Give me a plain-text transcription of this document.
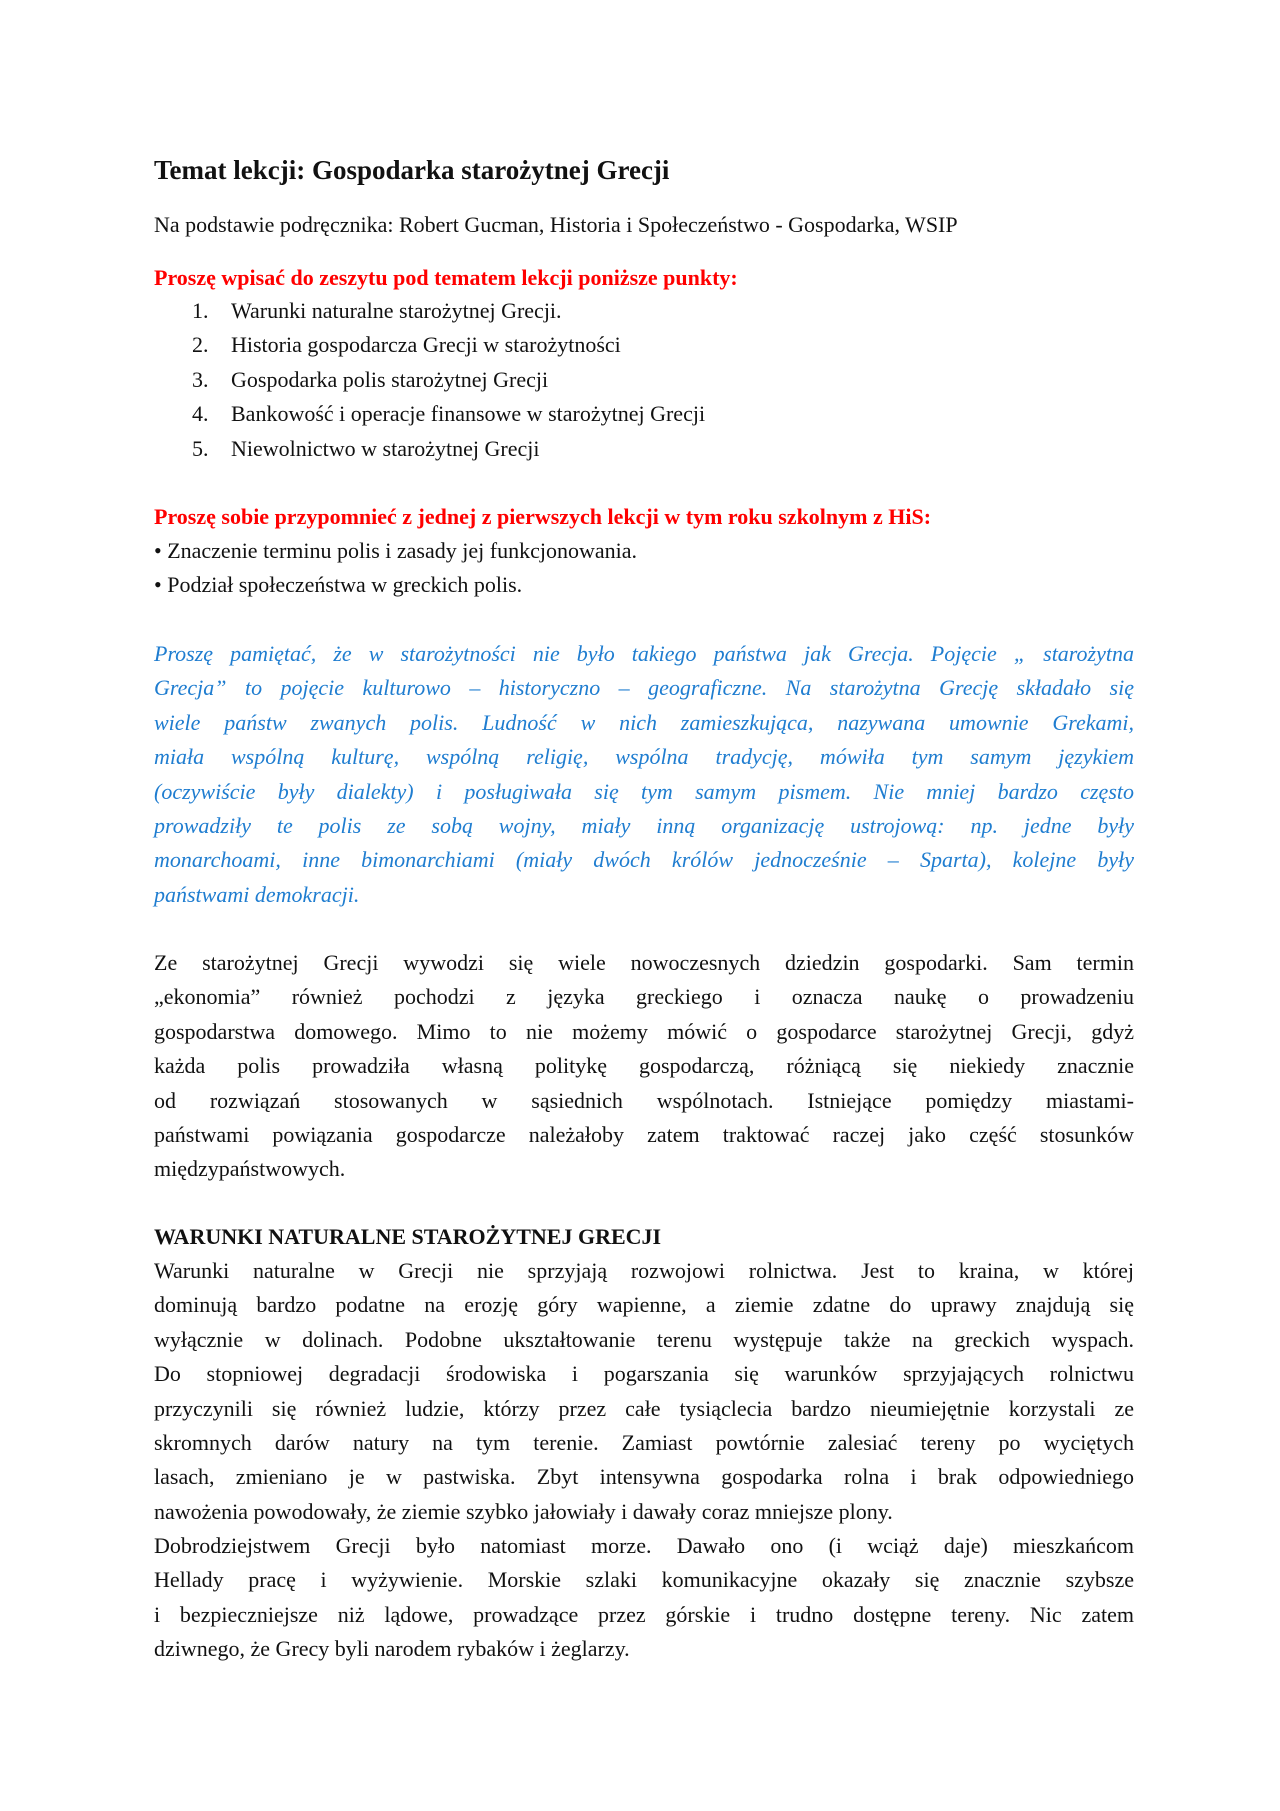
Temat lekcji: Gospodarka starożytnej Grecji
Na podstawie podręcznika: Robert Gucman, Historia i Społeczeństwo - Gospodarka, WSIP
Proszę wpisać do zeszytu pod tematem lekcji poniższe punkty:
1. Warunki naturalne starożytnej Grecji.
2. Historia gospodarcza Grecji w starożytności
3. Gospodarka polis starożytnej Grecji
4. Bankowość i operacje finansowe w starożytnej Grecji
5. Niewolnictwo w starożytnej Grecji
Proszę sobie przypomnieć z jednej z pierwszych lekcji w tym roku szkolnym z HiS:
• Znaczenie terminu polis i zasady jej funkcjonowania.
• Podział społeczeństwa w greckich polis.
Proszę pamiętać, że w starożytności nie było takiego państwa jak Grecja. Pojęcie „ starożytna
Grecja” to pojęcie kulturowo – historyczno – geograficzne. Na starożytna Grecję składało się
wiele państw zwanych polis. Ludność w nich zamieszkująca, nazywana umownie Grekami,
miała wspólną kulturę, wspólną religię, wspólna tradycję, mówiła tym samym językiem
(oczywiście były dialekty) i posługiwała się tym samym pismem. Nie mniej bardzo często
prowadziły te polis ze sobą wojny, miały inną organizację ustrojową: np. jedne były
monarchoami, inne bimonarchiami (miały dwóch królów jednocześnie – Sparta), kolejne były
państwami demokracji.
Ze starożytnej Grecji wywodzi się wiele nowoczesnych dziedzin gospodarki. Sam termin
„ekonomia” również pochodzi z języka greckiego i oznacza naukę o prowadzeniu
gospodarstwa domowego. Mimo to nie możemy mówić o gospodarce starożytnej Grecji, gdyż
każda polis prowadziła własną politykę gospodarczą, różniącą się niekiedy znacznie
od rozwiązań stosowanych w sąsiednich wspólnotach. Istniejące pomiędzy miastami-
państwami powiązania gospodarcze należałoby zatem traktować raczej jako część stosunków
międzypaństwowych.
WARUNKI NATURALNE STAROŻYTNEJ GRECJI
Warunki naturalne w Grecji nie sprzyjają rozwojowi rolnictwa. Jest to kraina, w której
dominują bardzo podatne na erozję góry wapienne, a ziemie zdatne do uprawy znajdują się
wyłącznie w dolinach. Podobne ukształtowanie terenu występuje także na greckich wyspach.
Do stopniowej degradacji środowiska i pogarszania się warunków sprzyjających rolnictwu
przyczynili się również ludzie, którzy przez całe tysiąclecia bardzo nieumiejętnie korzystali ze
skromnych darów natury na tym terenie. Zamiast powtórnie zalesiać tereny po wyciętych
lasach, zmieniano je w pastwiska. Zbyt intensywna gospodarka rolna i brak odpowiedniego
nawożenia powodowały, że ziemie szybko jałowiały i dawały coraz mniejsze plony.
Dobrodziejstwem Grecji było natomiast morze. Dawało ono (i wciąż daje) mieszkańcom
Hellady pracę i wyżywienie. Morskie szlaki komunikacyjne okazały się znacznie szybsze
i bezpieczniejsze niż lądowe, prowadzące przez górskie i trudno dostępne tereny. Nic zatem
dziwnego, że Grecy byli narodem rybaków i żeglarzy.
